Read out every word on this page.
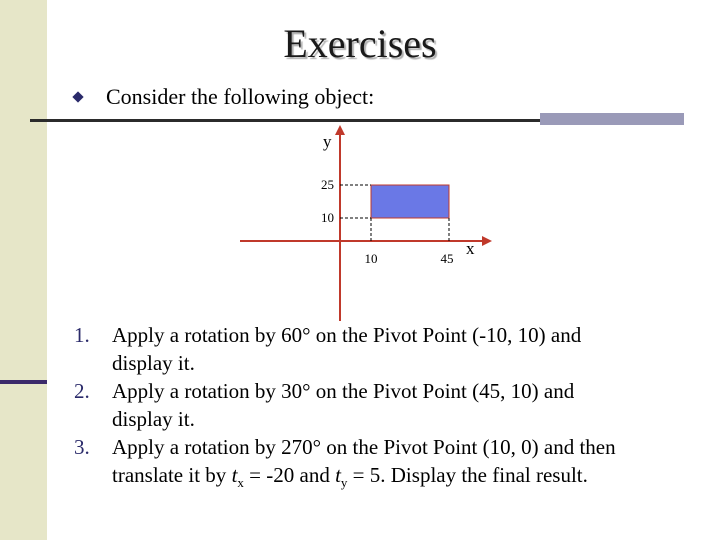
Exercises
Consider the following object:
y
x
25
10
10	45
1. Apply a rotation by 60° on the Pivot Point (-10, 10) and
display it.
2. Apply a rotation by 30° on the Pivot Point (45, 10) and
display it.
3. Apply a rotation by 270° on the Pivot Point (10, 0) and then
translate it by $t_x = -20$ and $t_y = 5$. Display the final result.
